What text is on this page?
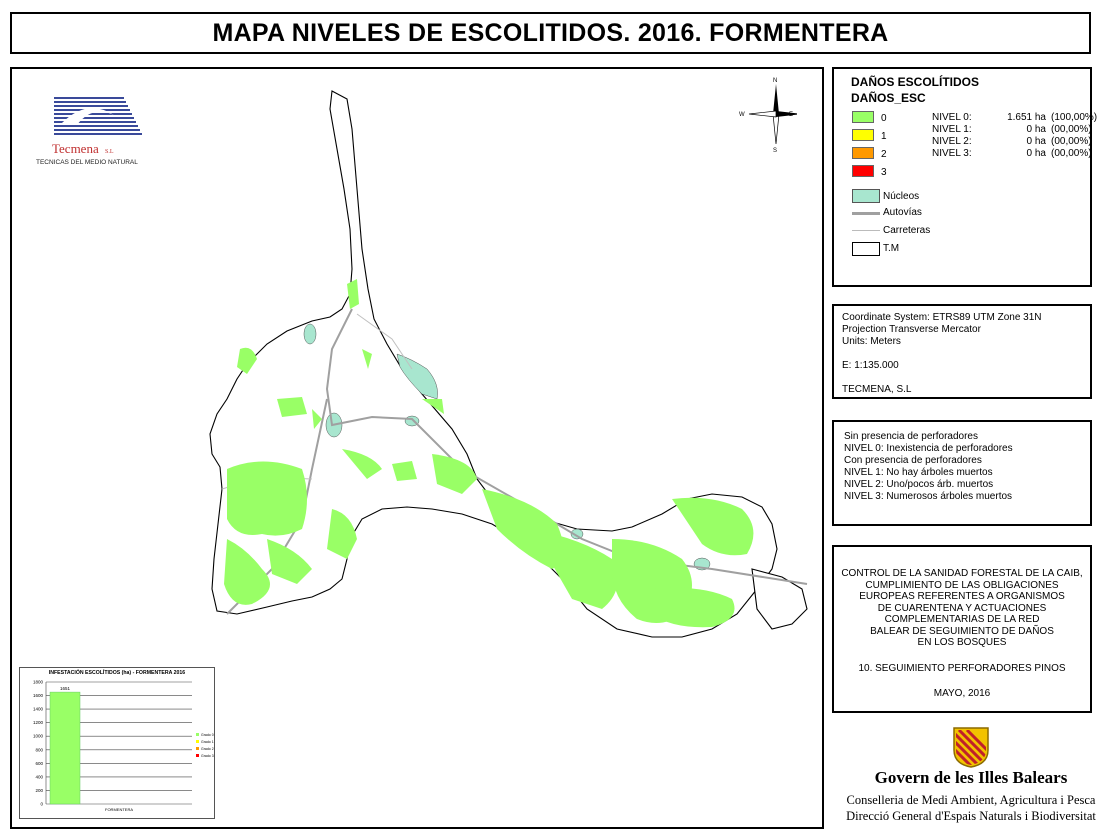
MAPA NIVELES DE ESCOLITIDOS. 2016. FORMENTERA
Tecmena S.L
TECNICAS DEL MEDIO NATURAL
N
S
W	E
INFESTACIÓN ESCOLÍTIDOS (ha) - FORMENTERA 2016
0
200
400
600
800
1000
1200
1400
1600
1800
1651
FORMENTERA
Grado 0
Grado 1
Grado 2
Grado 3
DAÑOS ESCOLÍTIDOS
DAÑOS_ESC
0
1
2
3
NIVEL 0:	1.651 ha (100,00%)
NIVEL 1:	0 ha (00,00%)
NIVEL 2:	0 ha (00,00%)
NIVEL 3:	0 ha (00,00%)
Núcleos
Autovías
Carreteras
T.M
Coordinate System: ETRS89 UTM Zone 31N
Projection Transverse Mercator
Units: Meters
E: 1:135.000
TECMENA, S.L
Sin presencia de perforadores
NIVEL 0: Inexistencia de perforadores
Con presencia de perforadores
NIVEL 1: No hay árboles muertos
NIVEL 2: Uno/pocos árb. muertos
NIVEL 3: Numerosos árboles muertos
CONTROL DE LA SANIDAD FORESTAL DE LA CAIB,
CUMPLIMIENTO DE LAS OBLIGACIONES
EUROPEAS REFERENTES A ORGANISMOS
DE CUARENTENA Y ACTUACIONES
COMPLEMENTARIAS DE LA RED
BALEAR DE SEGUIMIENTO DE DAÑOS
EN LOS BOSQUES
10. SEGUIMIENTO PERFORADORES PINOS
MAYO, 2016
Govern de les Illes Balears
Conselleria de Medi Ambient, Agricultura i Pesca
Direcció General d'Espais Naturals i Biodiversitat
